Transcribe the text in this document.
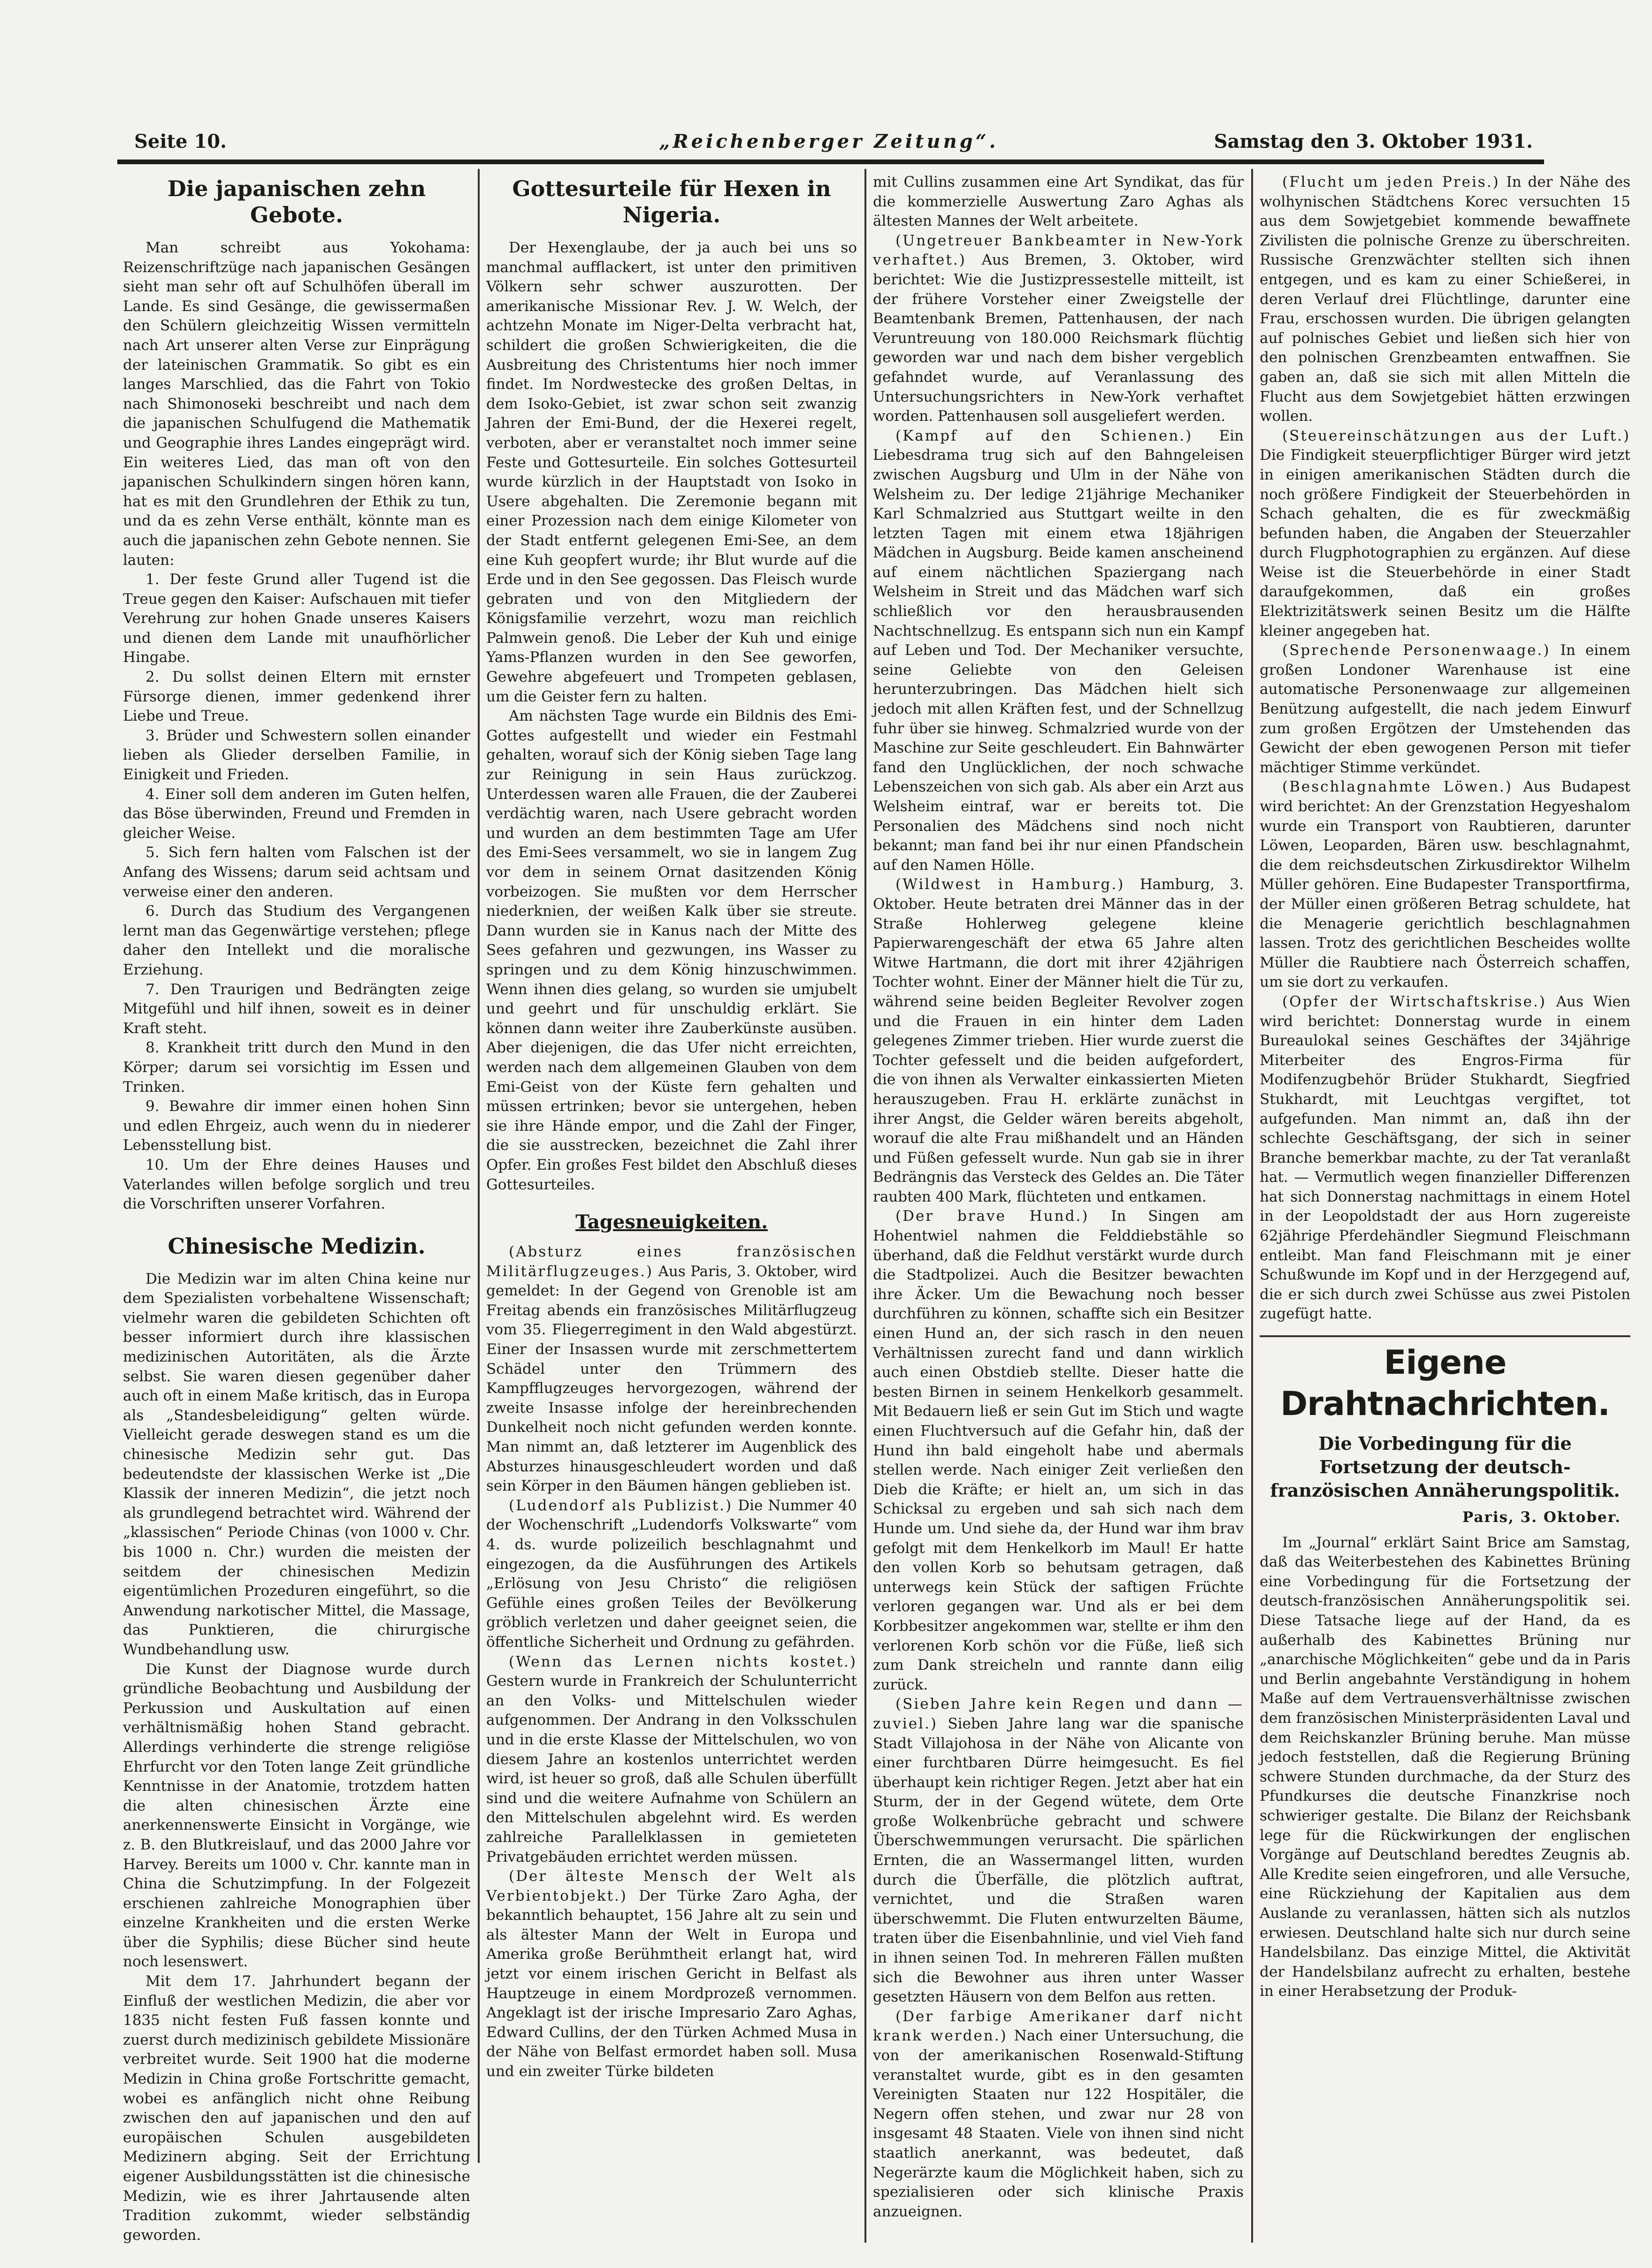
Seite 10.	„Reichenberger Zeitung“.	Samstag den 3. Oktober 1931.
Die japanischen zehn Gebote.

Man schreibt aus Yokohama: Reizenschriftzüge nach japanischen Gesängen sieht man sehr oft auf Schulhöfen überall im Lande. Es sind Gesänge, die gewissermaßen den Schülern gleichzeitig Wissen vermitteln nach Art unserer alten Verse zur Einprägung der lateinischen Grammatik. So gibt es ein langes Marschlied, das die Fahrt von Tokio nach Shimonoseki beschreibt und nach dem die japanischen Schulfugend die Mathematik und Geographie ihres Landes eingeprägt wird. Ein weiteres Lied, das man oft von den japanischen Schulkindern singen hören kann, hat es mit den Grundlehren der Ethik zu tun, und da es zehn Verse enthält, könnte man es auch die japanischen zehn Gebote nennen. Sie lauten:

1. Der feste Grund aller Tugend ist die Treue gegen den Kaiser: Aufschauen mit tiefer Verehrung zur hohen Gnade unseres Kaisers und dienen dem Lande mit unaufhörlicher Hingabe.

2. Du sollst deinen Eltern mit ernster Fürsorge dienen, immer gedenkend ihrer Liebe und Treue.

3. Brüder und Schwestern sollen einander lieben als Glieder derselben Familie, in Einigkeit und Frieden.

4. Einer soll dem anderen im Guten helfen, das Böse überwinden, Freund und Fremden in gleicher Weise.

5. Sich fern halten vom Falschen ist der Anfang des Wissens; darum seid achtsam und verweise einer den anderen.

6. Durch das Studium des Vergangenen lernt man das Gegenwärtige verstehen; pflege daher den Intellekt und die moralische Erziehung.

7. Den Traurigen und Bedrängten zeige Mitgefühl und hilf ihnen, soweit es in deiner Kraft steht.

8. Krankheit tritt durch den Mund in den Körper; darum sei vorsichtig im Essen und Trinken.

9. Bewahre dir immer einen hohen Sinn und edlen Ehrgeiz, auch wenn du in niederer Lebensstellung bist.

10. Um der Ehre deines Hauses und Vaterlandes willen befolge sorglich und treu die Vorschriften unserer Vorfahren.

Chinesische Medizin.

Die Medizin war im alten China keine nur dem Spezialisten vorbehaltene Wissenschaft; vielmehr waren die gebildeten Schichten oft besser informiert durch ihre klassischen medizinischen Autoritäten, als die Ärzte selbst. Sie waren diesen gegenüber daher auch oft in einem Maße kritisch, das in Europa als „Standesbeleidigung“ gelten würde. Vielleicht gerade deswegen stand es um die chinesische Medizin sehr gut. Das bedeutendste der klassischen Werke ist „Die Klassik der inneren Medizin“, die jetzt noch als grundlegend betrachtet wird. Während der „klassischen“ Periode Chinas (von 1000 v. Chr. bis 1000 n. Chr.) wurden die meisten der seitdem der chinesischen Medizin eigentümlichen Prozeduren eingeführt, so die Anwendung narkotischer Mittel, die Massage, das Punktieren, die chirurgische Wundbehandlung usw.

Die Kunst der Diagnose wurde durch gründliche Beobachtung und Ausbildung der Perkussion und Auskultation auf einen verhältnismäßig hohen Stand gebracht. Allerdings verhinderte die strenge religiöse Ehrfurcht vor den Toten lange Zeit gründliche Kenntnisse in der Anatomie, trotzdem hatten die alten chinesischen Ärzte eine anerkennenswerte Einsicht in Vorgänge, wie z. B. den Blutkreislauf, und das 2000 Jahre vor Harvey. Bereits um 1000 v. Chr. kannte man in China die Schutzimpfung. In der Folgezeit erschienen zahlreiche Monographien über einzelne Krankheiten und die ersten Werke über die Syphilis; diese Bücher sind heute noch lesenswert.

Mit dem 17. Jahrhundert begann der Einfluß der westlichen Medizin, die aber vor 1835 nicht festen Fuß fassen konnte und zuerst durch medizinisch gebildete Missionäre verbreitet wurde. Seit 1900 hat die moderne Medizin in China große Fortschritte gemacht, wobei es anfänglich nicht ohne Reibung zwischen den auf japanischen und den auf europäischen Schulen ausgebildeten Medizinern abging. Seit der Errichtung eigener Ausbildungsstätten ist die chinesische Medizin, wie es ihrer Jahrtausende alten Tradition zukommt, wieder selbständig geworden.

Gottesurteile für Hexen in Nigeria.

Der Hexenglaube, der ja auch bei uns so manchmal aufflackert, ist unter den primitiven Völkern sehr schwer auszurotten. Der amerikanische Missionar Rev. J. W. Welch, der achtzehn Monate im Niger-Delta verbracht hat, schildert die großen Schwierigkeiten, die die Ausbreitung des Christentums hier noch immer findet. Im Nordwestecke des großen Deltas, in dem Isoko-Gebiet, ist zwar schon seit zwanzig Jahren der Emi-Bund, der die Hexerei regelt, verboten, aber er veranstaltet noch immer seine Feste und Gottesurteile. Ein solches Gottesurteil wurde kürzlich in der Hauptstadt von Isoko in Usere abgehalten. Die Zeremonie begann mit einer Prozession nach dem einige Kilometer von der Stadt entfernt gelegenen Emi-See, an dem eine Kuh geopfert wurde; ihr Blut wurde auf die Erde und in den See gegossen. Das Fleisch wurde gebraten und von den Mitgliedern der Königsfamilie verzehrt, wozu man reichlich Palmwein genoß. Die Leber der Kuh und einige Yams-Pflanzen wurden in den See geworfen, Gewehre abgefeuert und Trompeten geblasen, um die Geister fern zu halten.

Am nächsten Tage wurde ein Bildnis des Emi-Gottes aufgestellt und wieder ein Festmahl gehalten, worauf sich der König sieben Tage lang zur Reinigung in sein Haus zurückzog. Unterdessen waren alle Frauen, die der Zauberei verdächtig waren, nach Usere gebracht worden und wurden an dem bestimmten Tage am Ufer des Emi-Sees versammelt, wo sie in langem Zug vor dem in seinem Ornat dasitzenden König vorbeizogen. Sie mußten vor dem Herrscher niederknien, der weißen Kalk über sie streute. Dann wurden sie in Kanus nach der Mitte des Sees gefahren und gezwungen, ins Wasser zu springen und zu dem König hinzuschwimmen. Wenn ihnen dies gelang, so wurden sie umjubelt und geehrt und für unschuldig erklärt. Sie können dann weiter ihre Zauberkünste ausüben. Aber diejenigen, die das Ufer nicht erreichten, werden nach dem allgemeinen Glauben von dem Emi-Geist von der Küste fern gehalten und müssen ertrinken; bevor sie untergehen, heben sie ihre Hände empor, und die Zahl der Finger, die sie ausstrecken, bezeichnet die Zahl ihrer Opfer. Ein großes Fest bildet den Abschluß dieses Gottesurteiles.

Tagesneuigkeiten.

(Absturz eines französischen Militärflugzeuges.) Aus Paris, 3. Oktober, wird gemeldet: In der Gegend von Grenoble ist am Freitag abends ein französisches Militärflugzeug vom 35. Fliegerregiment in den Wald abgestürzt. Einer der Insassen wurde mit zerschmettertem Schädel unter den Trümmern des Kampfflugzeuges hervorgezogen, während der zweite Insasse infolge der hereinbrechenden Dunkelheit noch nicht gefunden werden konnte. Man nimmt an, daß letzterer im Augenblick des Absturzes hinausgeschleudert worden und daß sein Körper in den Bäumen hängen geblieben ist.

(Ludendorf als Publizist.) Die Nummer 40 der Wochenschrift „Ludendorfs Volkswarte“ vom 4. ds. wurde polizeilich beschlagnahmt und eingezogen, da die Ausführungen des Artikels „Erlösung von Jesu Christo“ die religiösen Gefühle eines großen Teiles der Bevölkerung gröblich verletzen und daher geeignet seien, die öffentliche Sicherheit und Ordnung zu gefährden.

(Wenn das Lernen nichts kostet.) Gestern wurde in Frankreich der Schulunterricht an den Volks- und Mittelschulen wieder aufgenommen. Der Andrang in den Volksschulen und in die erste Klasse der Mittelschulen, wo von diesem Jahre an kostenlos unterrichtet werden wird, ist heuer so groß, daß alle Schulen überfüllt sind und die weitere Aufnahme von Schülern an den Mittelschulen abgelehnt wird. Es werden zahlreiche Parallelklassen in gemieteten Privatgebäuden errichtet werden müssen.

(Der älteste Mensch der Welt als Verbientobjekt.) Der Türke Zaro Agha, der bekanntlich behauptet, 156 Jahre alt zu sein und als ältester Mann der Welt in Europa und Amerika große Berühmtheit erlangt hat, wird jetzt vor einem irischen Gericht in Belfast als Hauptzeuge in einem Mordprozeß vernommen. Angeklagt ist der irische Impresario Zaro Aghas, Edward Cullins, der den Türken Achmed Musa in der Nähe von Belfast ermordet haben soll. Musa und ein zweiter Türke bildeten

mit Cullins zusammen eine Art Syndikat, das für die kommerzielle Auswertung Zaro Aghas als ältesten Mannes der Welt arbeitete.

(Ungetreuer Bankbeamter in New-York verhaftet.) Aus Bremen, 3. Oktober, wird berichtet: Wie die Justizpressestelle mitteilt, ist der frühere Vorsteher einer Zweigstelle der Beamtenbank Bremen, Pattenhausen, der nach Veruntreuung von 180.000 Reichsmark flüchtig geworden war und nach dem bisher vergeblich gefahndet wurde, auf Veranlassung des Untersuchungsrichters in New-York verhaftet worden. Pattenhausen soll ausgeliefert werden.

(Kampf auf den Schienen.) Ein Liebesdrama trug sich auf den Bahngeleisen zwischen Augsburg und Ulm in der Nähe von Welsheim zu. Der ledige 21jährige Mechaniker Karl Schmalzried aus Stuttgart weilte in den letzten Tagen mit einem etwa 18jährigen Mädchen in Augsburg. Beide kamen anscheinend auf einem nächtlichen Spaziergang nach Welsheim in Streit und das Mädchen warf sich schließlich vor den herausbrausenden Nachtschnellzug. Es entspann sich nun ein Kampf auf Leben und Tod. Der Mechaniker versuchte, seine Geliebte von den Geleisen herunterzubringen. Das Mädchen hielt sich jedoch mit allen Kräften fest, und der Schnellzug fuhr über sie hinweg. Schmalzried wurde von der Maschine zur Seite geschleudert. Ein Bahnwärter fand den Unglücklichen, der noch schwache Lebenszeichen von sich gab. Als aber ein Arzt aus Welsheim eintraf, war er bereits tot. Die Personalien des Mädchens sind noch nicht bekannt; man fand bei ihr nur einen Pfandschein auf den Namen Hölle.

(Wildwest in Hamburg.) Hamburg, 3. Oktober. Heute betraten drei Männer das in der Straße Hohlerweg gelegene kleine Papierwarengeschäft der etwa 65 Jahre alten Witwe Hartmann, die dort mit ihrer 42jährigen Tochter wohnt. Einer der Männer hielt die Tür zu, während seine beiden Begleiter Revolver zogen und die Frauen in ein hinter dem Laden gelegenes Zimmer trieben. Hier wurde zuerst die Tochter gefesselt und die beiden aufgefordert, die von ihnen als Verwalter einkassierten Mieten herauszugeben. Frau H. erklärte zunächst in ihrer Angst, die Gelder wären bereits abgeholt, worauf die alte Frau mißhandelt und an Händen und Füßen gefesselt wurde. Nun gab sie in ihrer Bedrängnis das Versteck des Geldes an. Die Täter raubten 400 Mark, flüchteten und entkamen.

(Der brave Hund.) In Singen am Hohentwiel nahmen die Felddiebstähle so überhand, daß die Feldhut verstärkt wurde durch die Stadtpolizei. Auch die Besitzer bewachten ihre Äcker. Um die Bewachung noch besser durchführen zu können, schaffte sich ein Besitzer einen Hund an, der sich rasch in den neuen Verhältnissen zurecht fand und dann wirklich auch einen Obstdieb stellte. Dieser hatte die besten Birnen in seinem Henkelkorb gesammelt. Mit Bedauern ließ er sein Gut im Stich und wagte einen Fluchtversuch auf die Gefahr hin, daß der Hund ihn bald eingeholt habe und abermals stellen werde. Nach einiger Zeit verließen den Dieb die Kräfte; er hielt an, um sich in das Schicksal zu ergeben und sah sich nach dem Hunde um. Und siehe da, der Hund war ihm brav gefolgt mit dem Henkelkorb im Maul! Er hatte den vollen Korb so behutsam getragen, daß unterwegs kein Stück der saftigen Früchte verloren gegangen war. Und als er bei dem Korbbesitzer angekommen war, stellte er ihm den verlorenen Korb schön vor die Füße, ließ sich zum Dank streicheln und rannte dann eilig zurück.

(Sieben Jahre kein Regen und dann — zuviel.) Sieben Jahre lang war die spanische Stadt Villajohosa in der Nähe von Alicante von einer furchtbaren Dürre heimgesucht. Es fiel überhaupt kein richtiger Regen. Jetzt aber hat ein Sturm, der in der Gegend wütete, dem Orte große Wolkenbrüche gebracht und schwere Überschwemmungen verursacht. Die spärlichen Ernten, die an Wassermangel litten, wurden durch die Überfälle, die plötzlich auftrat, vernichtet, und die Straßen waren überschwemmt. Die Fluten entwurzelten Bäume, traten über die Eisenbahnlinie, und viel Vieh fand in ihnen seinen Tod. In mehreren Fällen mußten sich die Bewohner aus ihren unter Wasser gesetzten Häusern von dem Belfon aus retten.

(Der farbige Amerikaner darf nicht krank werden.) Nach einer Untersuchung, die von der amerikanischen Rosenwald-Stiftung veranstaltet wurde, gibt es in den gesamten Vereinigten Staaten nur 122 Hospitäler, die Negern offen stehen, und zwar nur 28 von insgesamt 48 Staaten. Viele von ihnen sind nicht staatlich anerkannt, was bedeutet, daß Negerärzte kaum die Möglichkeit haben, sich zu spezialisieren oder sich klinische Praxis anzueignen.

(Flucht um jeden Preis.) In der Nähe des wolhynischen Städtchens Korec versuchten 15 aus dem Sowjetgebiet kommende bewaffnete Zivilisten die polnische Grenze zu überschreiten. Russische Grenzwächter stellten sich ihnen entgegen, und es kam zu einer Schießerei, in deren Verlauf drei Flüchtlinge, darunter eine Frau, erschossen wurden. Die übrigen gelangten auf polnisches Gebiet und ließen sich hier von den polnischen Grenzbeamten entwaffnen. Sie gaben an, daß sie sich mit allen Mitteln die Flucht aus dem Sowjetgebiet hätten erzwingen wollen.

(Steuereinschätzungen aus der Luft.) Die Findigkeit steuerpflichtiger Bürger wird jetzt in einigen amerikanischen Städten durch die noch größere Findigkeit der Steuerbehörden in Schach gehalten, die es für zweckmäßig befunden haben, die Angaben der Steuerzahler durch Flugphotographien zu ergänzen. Auf diese Weise ist die Steuerbehörde in einer Stadt daraufgekommen, daß ein großes Elektrizitätswerk seinen Besitz um die Hälfte kleiner angegeben hat.

(Sprechende Personenwaage.) In einem großen Londoner Warenhause ist eine automatische Personenwaage zur allgemeinen Benützung aufgestellt, die nach jedem Einwurf zum großen Ergötzen der Umstehenden das Gewicht der eben gewogenen Person mit tiefer mächtiger Stimme verkündet.

(Beschlagnahmte Löwen.) Aus Budapest wird berichtet: An der Grenzstation Hegyeshalom wurde ein Transport von Raubtieren, darunter Löwen, Leoparden, Bären usw. beschlagnahmt, die dem reichsdeutschen Zirkusdirektor Wilhelm Müller gehören. Eine Budapester Transportfirma, der Müller einen größeren Betrag schuldete, hat die Menagerie gerichtlich beschlagnahmen lassen. Trotz des gerichtlichen Bescheides wollte Müller die Raubtiere nach Österreich schaffen, um sie dort zu verkaufen.

(Opfer der Wirtschaftskrise.) Aus Wien wird berichtet: Donnerstag wurde in einem Bureaulokal seines Geschäftes der 34jährige Miterbeiter des Engros-Firma für Modifenzugbehör Brüder Stukhardt, Siegfried Stukhardt, mit Leuchtgas vergiftet, tot aufgefunden. Man nimmt an, daß ihn der schlechte Geschäftsgang, der sich in seiner Branche bemerkbar machte, zu der Tat veranlaßt hat. — Vermutlich wegen finanzieller Differenzen hat sich Donnerstag nachmittags in einem Hotel in der Leopoldstadt der aus Horn zugereiste 62jährige Pferdehändler Siegmund Fleischmann entleibt. Man fand Fleischmann mit je einer Schußwunde im Kopf und in der Herzgegend auf, die er sich durch zwei Schüsse aus zwei Pistolen zugefügt hatte.

Eigene Drahtnachrichten.
Die Vorbedingung für die Fortsetzung der deutsch-französischen Annäherungspolitik.
Paris, 3. Oktober.

Im „Journal“ erklärt Saint Brice am Samstag, daß das Weiterbestehen des Kabinettes Brüning eine Vorbedingung für die Fortsetzung der deutsch-französischen Annäherungspolitik sei. Diese Tatsache liege auf der Hand, da es außerhalb des Kabinettes Brüning nur „anarchische Möglichkeiten“ gebe und da in Paris und Berlin angebahnte Verständigung in hohem Maße auf dem Vertrauensverhältnisse zwischen dem französischen Ministerpräsidenten Laval und dem Reichskanzler Brüning beruhe. Man müsse jedoch feststellen, daß die Regierung Brüning schwere Stunden durchmache, da der Sturz des Pfundkurses die deutsche Finanzkrise noch schwieriger gestalte. Die Bilanz der Reichsbank lege für die Rückwirkungen der englischen Vorgänge auf Deutschland beredtes Zeugnis ab. Alle Kredite seien eingefroren, und alle Versuche, eine Rückziehung der Kapitalien aus dem Auslande zu veranlassen, hätten sich als nutzlos erwiesen. Deutschland halte sich nur durch seine Handelsbilanz. Das einzige Mittel, die Aktivität der Handelsbilanz aufrecht zu erhalten, bestehe in einer Herabsetzung der Produk-
